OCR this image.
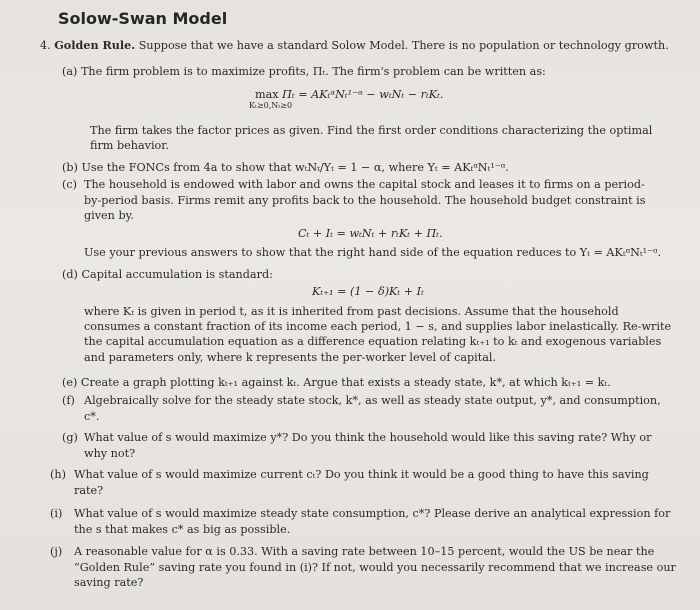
Solow-Swan Model
4. Golden Rule. Suppose that we have a standard Solow Model. There is no population or technology growth.
(a) The firm problem is to maximize profits, Πₜ. The firm's problem can be written as:
max
Kₜ≥0,Nₜ≥0
Πₜ = AKₜᵅNₜ¹⁻ᵅ − wₜNₜ − rₜKₜ.
The firm takes the factor prices as given. Find the first order conditions characterizing the optimal firm behavior.
(b) Use the FONCs from 4a to show that wₜNₜ/Yₜ = 1 − α, where Yₜ = AKₜᵅNₜ¹⁻ᵅ.
(c) The household is endowed with labor and owns the capital stock and leases it to firms on a period-by-period basis. Firms remit any profits back to the household. The household budget constraint is given by.
Cₜ + Iₜ = wₜNₜ + rₜKₜ + Πₜ.
Use your previous answers to show that the right hand side of the equation reduces to Yₜ = AKₜᵅNₜ¹⁻ᵅ.
(d) Capital accumulation is standard:
Kₜ₊₁ = (1 − δ)Kₜ + Iₜ
where Kₜ is given in period t, as it is inherited from past decisions. Assume that the household consumes a constant fraction of its income each period, 1 − s, and supplies labor inelastically. Re-write the capital accumulation equation as a difference equation relating kₜ₊₁ to kₜ and exogenous variables and parameters only, where k represents the per-worker level of capital.
(e) Create a graph plotting kₜ₊₁ against kₜ. Argue that exists a steady state, k*, at which kₜ₊₁ = kₜ.
(f) Algebraically solve for the steady state stock, k*, as well as steady state output, y*, and consumption, c*.
(g) What value of s would maximize y*? Do you think the household would like this saving rate? Why or why not?
(h) What value of s would maximize current cₜ? Do you think it would be a good thing to have this saving rate?
(i)	What value of s would maximize steady state consumption, c*? Please derive an analytical expression for the s that makes c* as big as possible.
(j)	A reasonable value for α is 0.33. With a saving rate between 10–15 percent, would the US be near the “Golden Rule” saving rate you found in (i)? If not, would you necessarily recommend that we increase our saving rate?
